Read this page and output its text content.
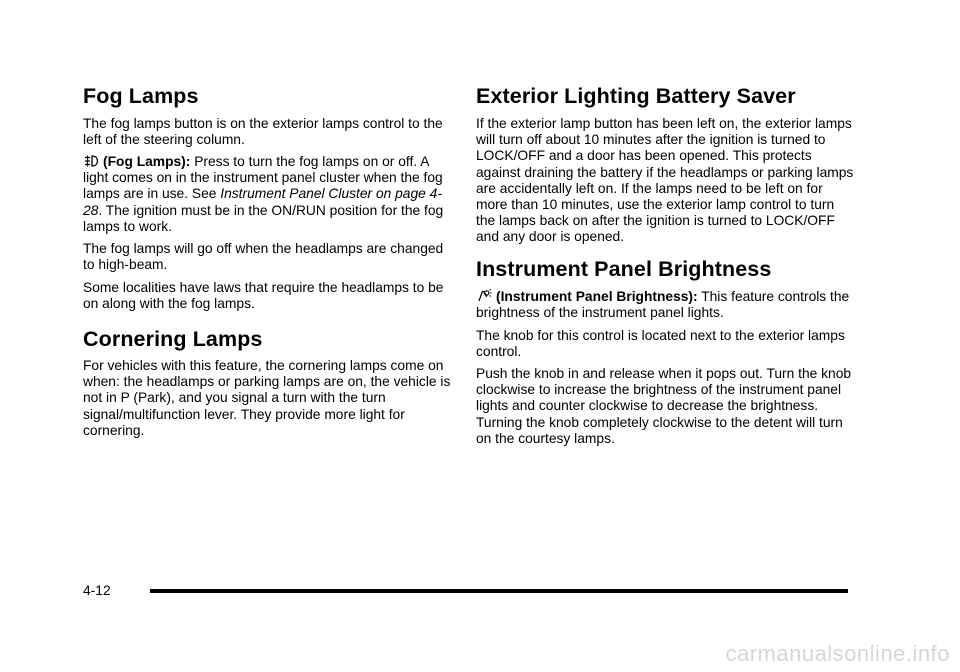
Fog Lamps

The fog lamps button is on the exterior lamps control to the left of the steering column.

(Fog Lamps): Press to turn the fog lamps on or off. A light comes on in the instrument panel cluster when the fog lamps are in use. See Instrument Panel Cluster on page 4-28. The ignition must be in the ON/RUN position for the fog lamps to work.

The fog lamps will go off when the headlamps are changed to high-beam.

Some localities have laws that require the headlamps to be on along with the fog lamps.

Cornering Lamps

For vehicles with this feature, the cornering lamps come on when: the headlamps or parking lamps are on, the vehicle is not in P (Park), and you signal a turn with the turn signal/multifunction lever. They provide more light for cornering.

Exterior Lighting Battery Saver

If the exterior lamp button has been left on, the exterior lamps will turn off about 10 minutes after the ignition is turned to LOCK/OFF and a door has been opened. This protects against draining the battery if the headlamps or parking lamps are accidentally left on. If the lamps need to be left on for more than 10 minutes, use the exterior lamp control to turn the lamps back on after the ignition is turned to LOCK/OFF and any door is opened.

Instrument Panel Brightness

(Instrument Panel Brightness): This feature controls the brightness of the instrument panel lights.

The knob for this control is located next to the exterior lamps control.

Push the knob in and release when it pops out. Turn the knob clockwise to increase the brightness of the instrument panel lights and counter clockwise to decrease the brightness. Turning the knob completely clockwise to the detent will turn on the courtesy lamps.

4-12
carmanualsonline.info
